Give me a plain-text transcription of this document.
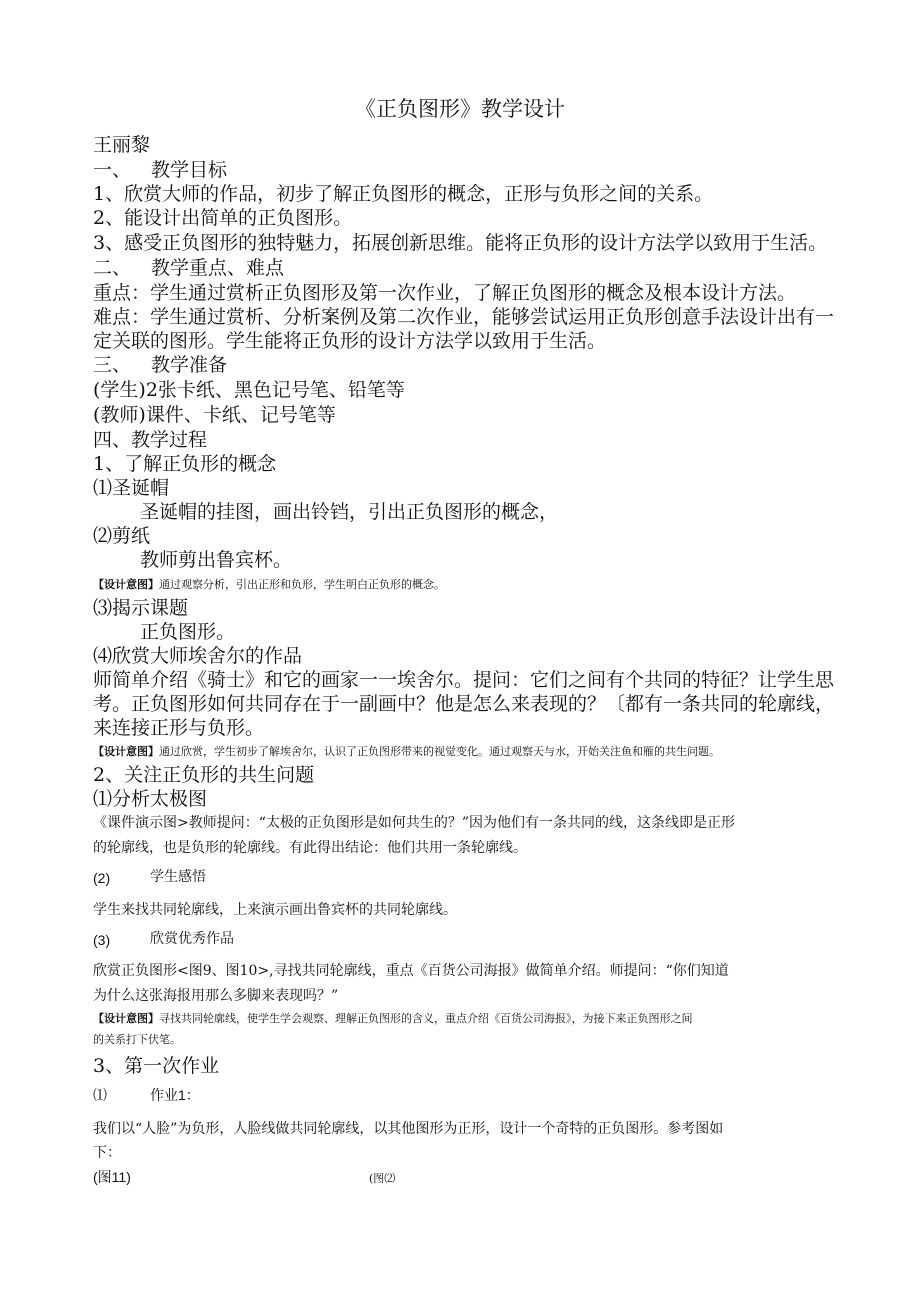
《正负图形》教学设计
王丽黎
一、 教学目标
1、欣赏大师的作品，初步了解正负图形的概念，正形与负形之间的关系。
2、能设计出简单的正负图形。
3、感受正负图形的独特魅力，拓展创新思维。能将正负形的设计方法学以致用于生活。
二、 教学重点、难点
重点：学生通过赏析正负图形及第一次作业，了解正负图形的概念及根本设计方法。
难点：学生通过赏析、分析案例及第二次作业，能够尝试运用正负形创意手法设计出有一
定关联的图形。学生能将正负形的设计方法学以致用于生活。
三、 教学准备
(学生)2张卡纸、黑色记号笔、铅笔等
(教师)课件、卡纸、记号笔等
四、教学过程
1、了解正负形的概念
⑴圣诞帽
圣诞帽的挂图，画出铃铛，引出正负图形的概念，
⑵剪纸
教师剪出鲁宾杯。
【设计意图】通过观察分析，引出正形和负形，学生明白正负形的概念。
⑶揭示课题
正负图形。
⑷欣赏大师埃舍尔的作品
师简单介绍《骑士》和它的画家一一埃舍尔。提问：它们之间有个共同的特征？让学生思
考。正负图形如何共同存在于一副画中？他是怎么来表现的？〔都有一条共同的轮廓线，
来连接正形与负形。
【设计意图】通过欣赏，学生初步了解埃舍尔，认识了正负图形带来的视觉变化。通过观察天与水，开始关注鱼和雁的共生问题。
2、关注正负形的共生问题
⑴分析太极图
《课件演示图>教师提问：“太极的正负图形是如何共生的？”因为他们有一条共同的线，这条线即是正形
的轮廓线，也是负形的轮廓线。有此得出结论：他们共用一条轮廓线。
(2)	学生感悟
学生来找共同轮廓线，上来演示画出鲁宾杯的共同轮廓线。
(3)	欣赏优秀作品
欣赏正负图形<图9、图10>,寻找共同轮廓线，重点《百货公司海报》做简单介绍。师提问：“你们知道
为什么这张海报用那么多脚来表现吗？”
【设计意图】寻找共同轮廓线，使学生学会观察、理解正负图形的含义，重点介绍《百货公司海报》，为接下来正负图形之间
的关系打下伏笔。
3、第一次作业
⑴	作业1：
我们以“人脸”为负形，人脸线做共同轮廓线，以其他图形为正形，设计一个奇特的正负图形。参考图如
下：
(图11)	(图⑵
